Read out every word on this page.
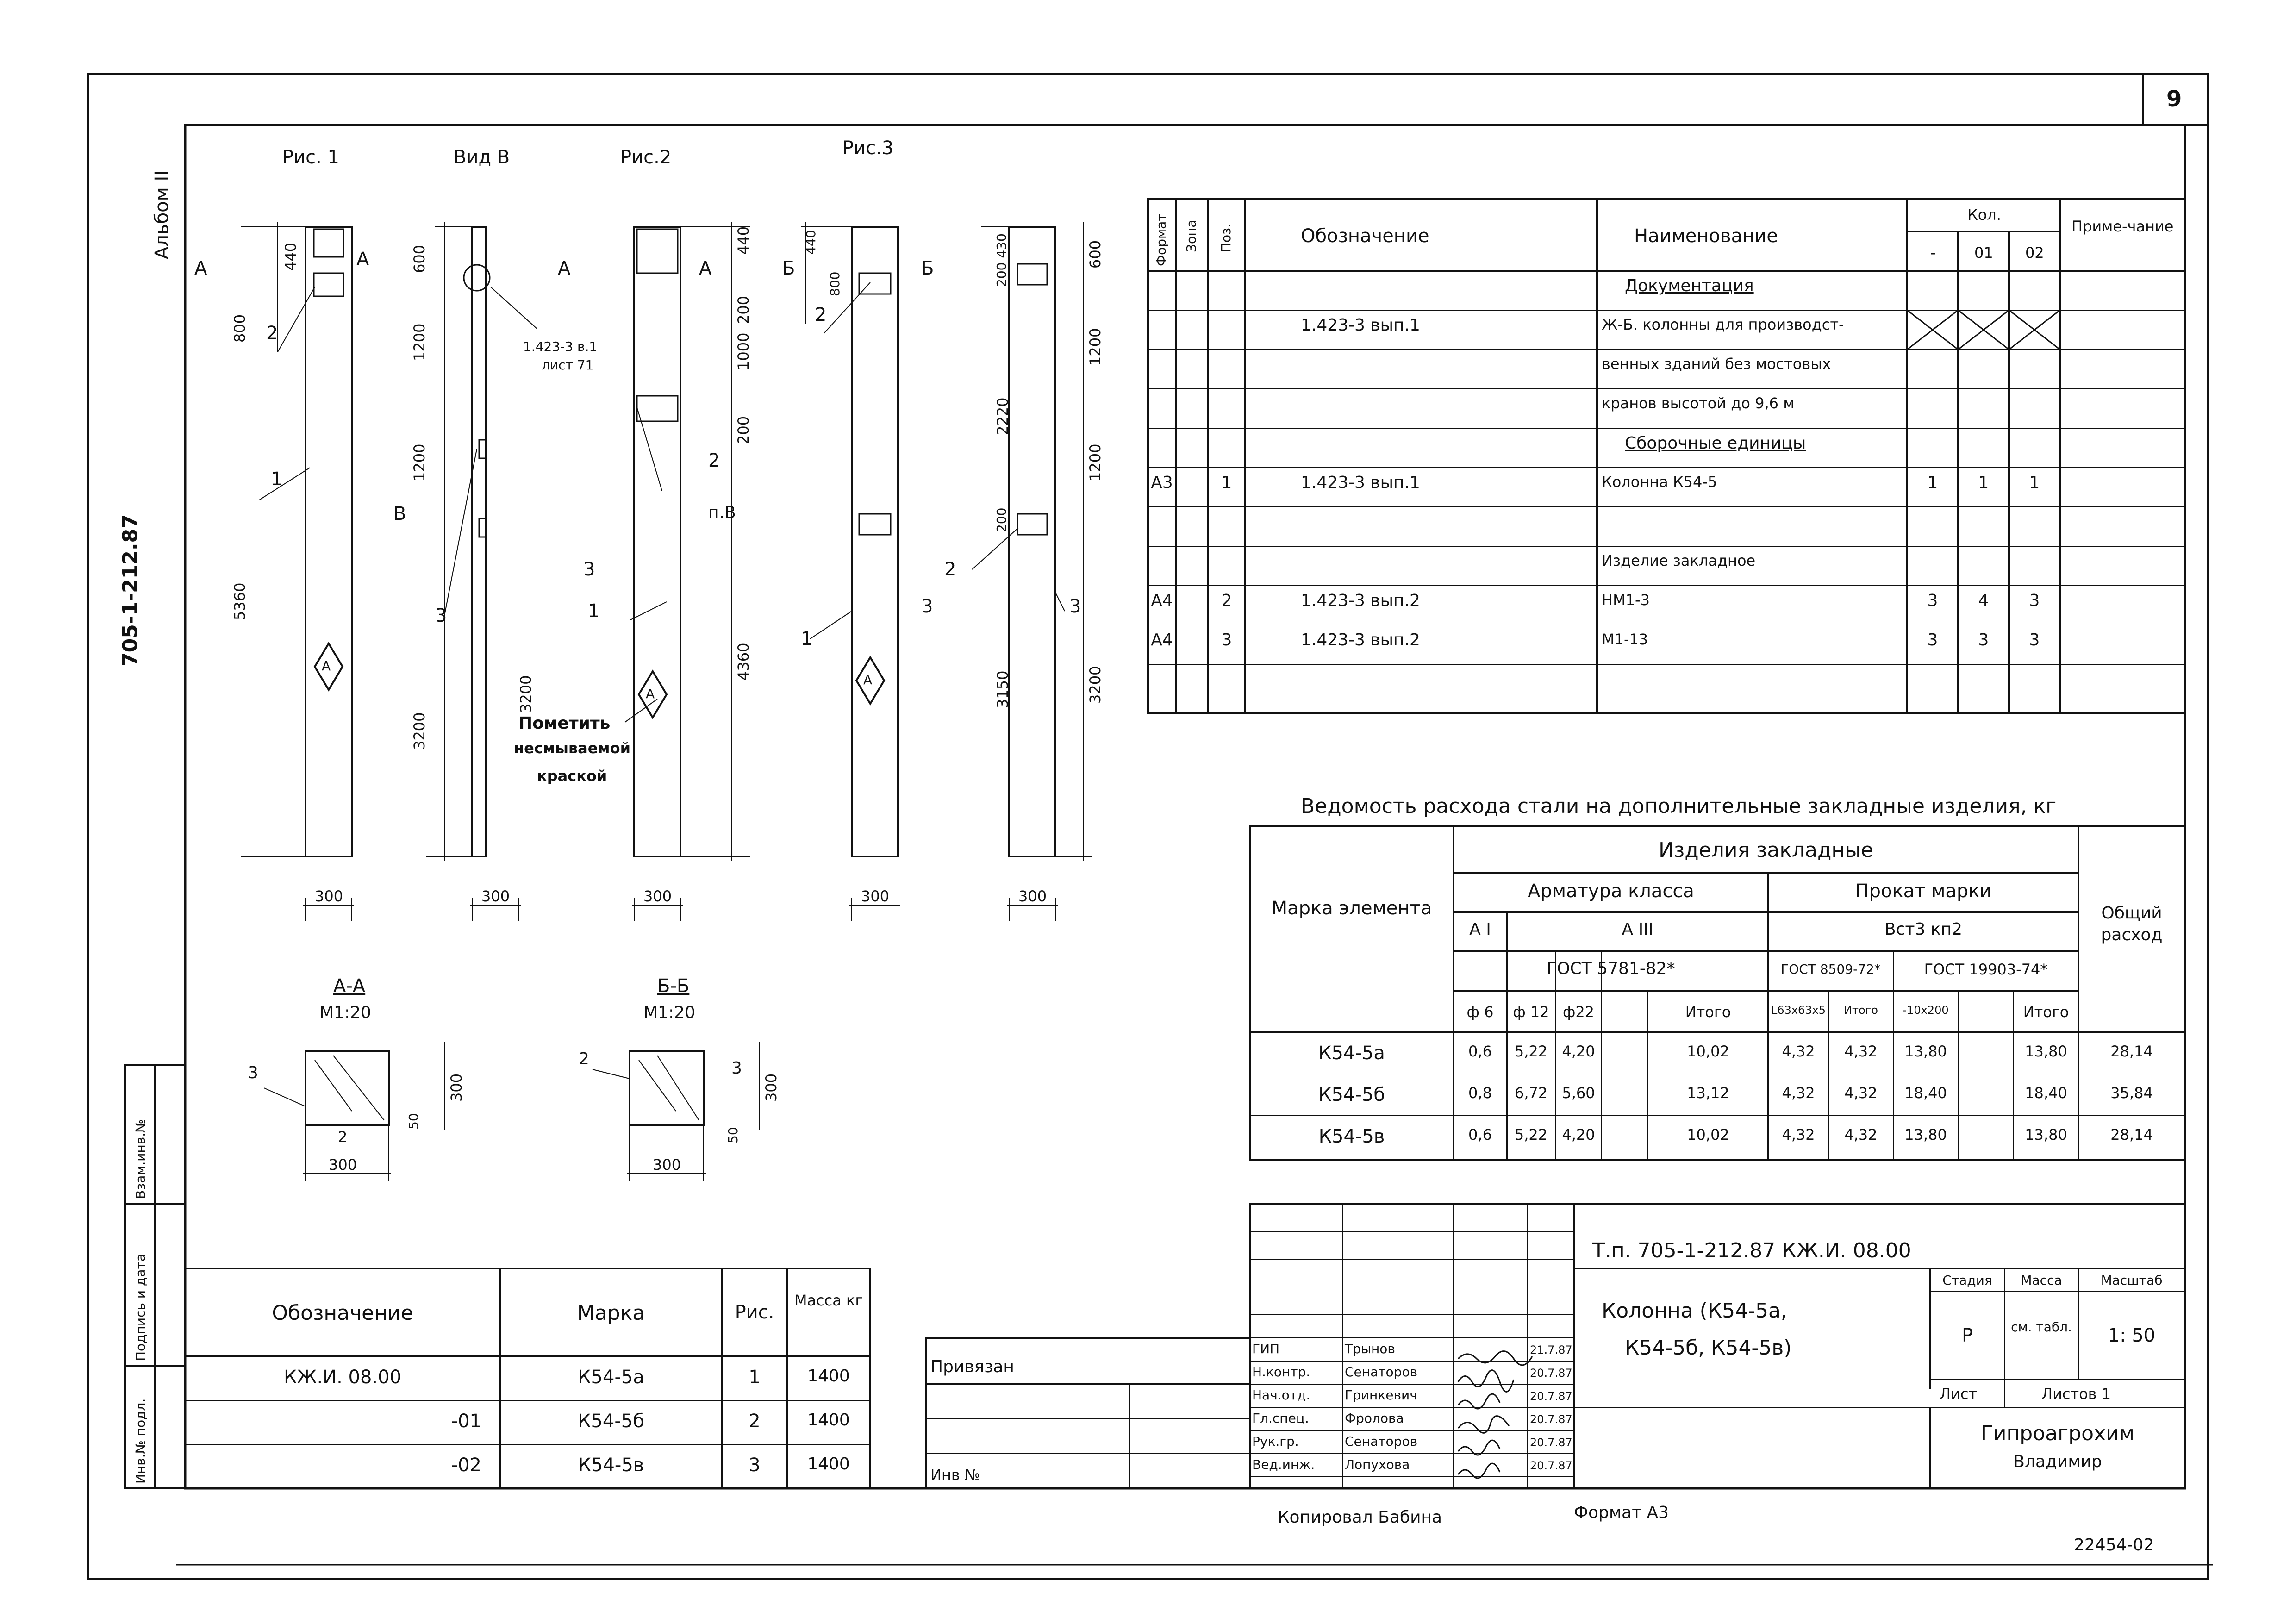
9
Альбом II
705-1-212.87
Взам.инв.№
Подпись и дата
Инв.№ подл.
Рис. 1	Вид В	Рис.2	Рис.3
440
800
5360
600
1200
1200
3200
440
1000
200
200
4360
440
800
2220
200
3150
200 430	600
1200
1200
3200
3200
300	300	300	300	300
А	А	А	А	Б	Б
В	п.В
2
1
3
2
3
1
2
3
1
2
3
А
А
А
1.423-3 в.1
лист 71
Пометить
несмываемой
краской
А-А
М1:20
3
2
300
300
50
Б-Б
М1:20
2	3
300
300
50
Формат Зона Поз.	Обозначение	Наименование
Кол.
-	01 02
Приме-чание
Документация
1.423-3 вып.1	Ж-Б. колонны для производст-
венных зданий без мостовых
кранов высотой до 9,6 м
Сборочные единицы
А3	1	1.423-3 вып.1	Колонна К54-5	1	1	1
Изделие закладное
А4	2	1.423-3 вып.2	НМ1-3	3	4	3
А4	3	1.423-3 вып.2	М1-13	3	3	3
Ведомость расхода стали на дополнительные закладные изделия, кг
Марка элемента
Изделия закладные
Арматура класса	Прокат марки
Общий расход
А I	А III	Вст3 кп2
ГОСТ 5781-82*	ГОСТ 8509-72*	ГОСТ 19903-74*
ф 6	ф 12 ф22	Итого	L63х63х5	Итого	-10х200	Итого
К54-5а	0,6	5,22 4,20	10,02	4,32	4,32	13,80	13,80	28,14
К54-5б	0,8	6,72 5,60	13,12	4,32	4,32	18,40	18,40	35,84
К54-5в	0,6	5,22 4,20	10,02	4,32	4,32	13,80	13,80	28,14
Обозначение	Марка	Рис.
Масса кг
КЖ.И. 08.00	К54-5а	1	1400
-01	К54-5б	2	1400
-02	К54-5в	3	1400
Привязан
Инв №
Т.п. 705-1-212.87 КЖ.И. 08.00
Колонна (К54-5а,
К54-5б, К54-5в)
Стадия	Масса	Масштаб
Р	см. табл.	1: 50
Лист	Листов 1
Гипроагрохим
Владимир
ГИП	Трынов	21.7.87
Н.контр.	Сенаторов	20.7.87
Нач.отд.	Гринкевич	20.7.87
Гл.спец.	Фролова	20.7.87
Рук.гр.	Сенаторов	20.7.87
Вед.инж. Лопухова	20.7.87
Копировал Бабина	Формат А3
22454-02
